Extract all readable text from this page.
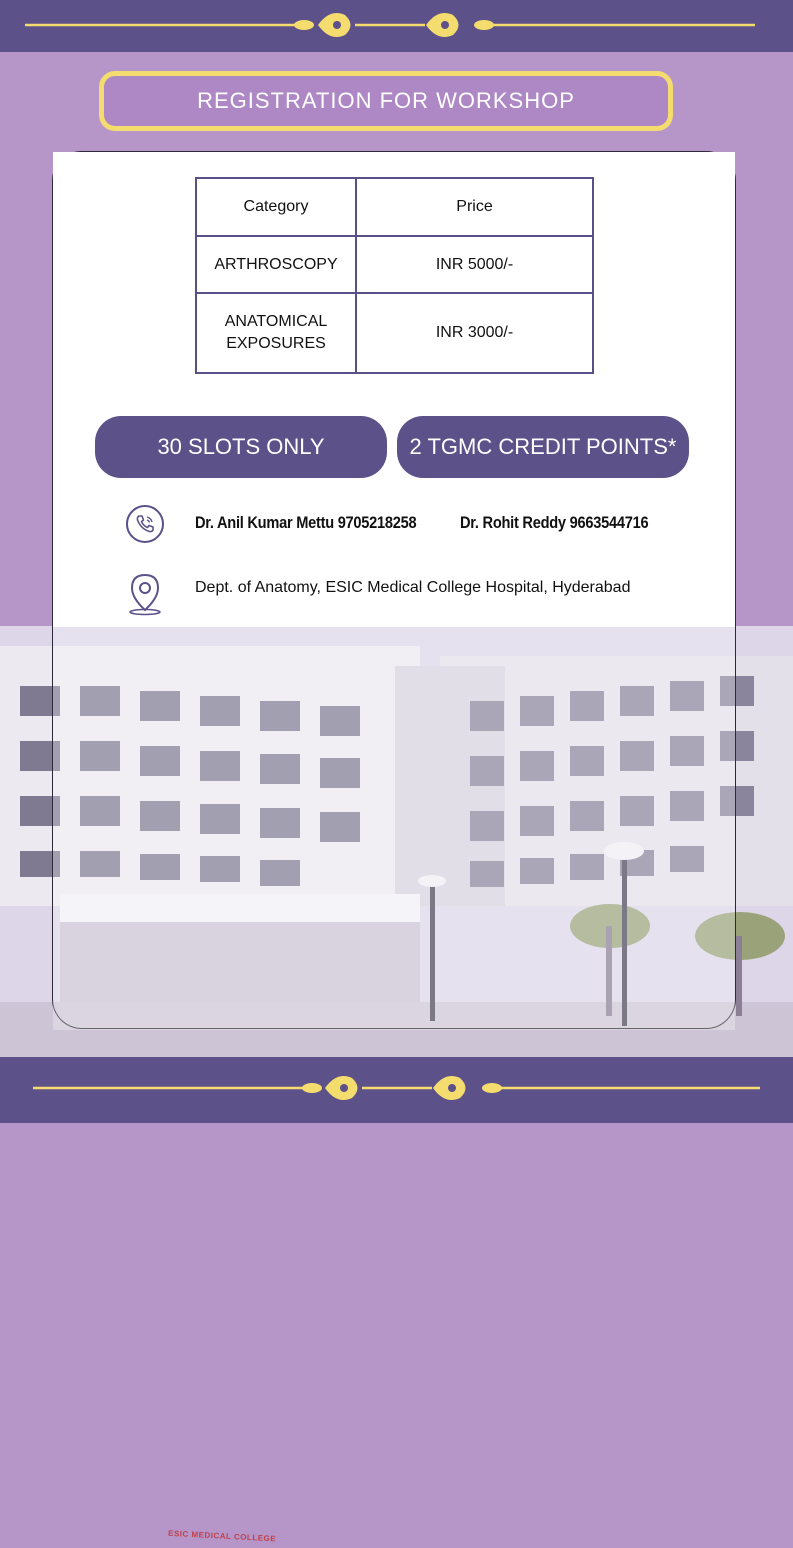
ESIC MEDICAL COLLEGE
REGISTRATION FOR WORKSHOP
Category	Price
ARTHROSCOPY	INR 5000/-
ANATOMICAL
EXPOSURES	INR 3000/-
30 SLOTS ONLY	2 TGMC CREDIT POINTS*
Dr. Anil Kumar Mettu 9705218258	Dr. Rohit Reddy 9663544716
Dept. of Anatomy, ESIC Medical College Hospital, Hyderabad
